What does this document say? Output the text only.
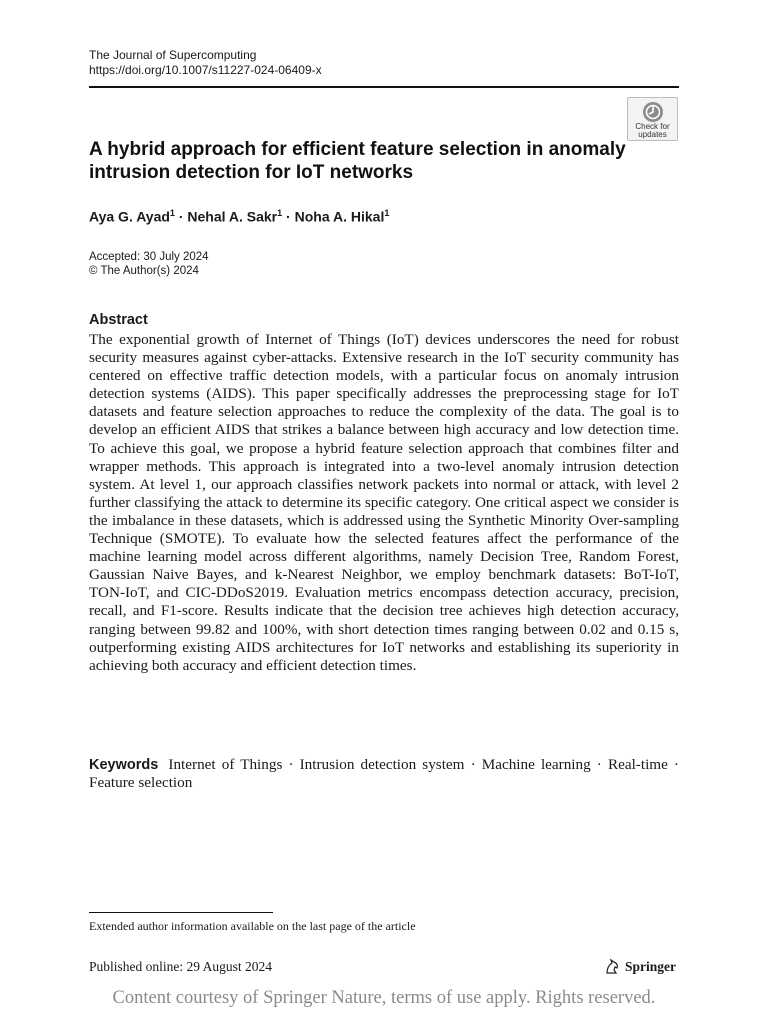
The Journal of Supercomputing
https://doi.org/10.1007/s11227-024-06409-x
Check for
updates
A hybrid approach for efficient feature selection in anomaly intrusion detection for IoT networks
Aya G. Ayad$^1$ · Nehal A. Sakr$^1$ · Noha A. Hikal$^1$
Accepted: 30 July 2024
© The Author(s) 2024
Abstract
The exponential growth of Internet of Things (IoT) devices underscores the need for robust security measures against cyber-attacks. Extensive research in the IoT security community has centered on effective traffic detection models, with a particular focus on anomaly intrusion detection systems (AIDS). This paper specifically addresses the preprocessing stage for IoT datasets and feature selection approaches to reduce the complexity of the data. The goal is to develop an efficient AIDS that strikes a balance between high accuracy and low detection time. To achieve this goal, we propose a hybrid feature selection approach that combines filter and wrapper methods. This approach is integrated into a two-level anomaly intrusion detection system. At level 1, our approach classifies network packets into normal or attack, with level 2 further classifying the attack to determine its specific category. One critical aspect we consider is the imbalance in these datasets, which is addressed using the Synthetic Minority Over-sampling Technique (SMOTE). To evaluate how the selected features affect the performance of the machine learning model across different algorithms, namely Decision Tree, Random Forest, Gaussian Naive Bayes, and k-Nearest Neighbor, we employ benchmark datasets: BoT-IoT, TON-IoT, and CIC-DDoS2019. Evaluation metrics encompass detection accuracy, precision, recall, and F1-score. Results indicate that the decision tree achieves high detection accuracy, ranging between 99.82 and 100%, with short detection times ranging between 0.02 and 0.15 s, outperforming existing AIDS architectures for IoT networks and establishing its superiority in achieving both accuracy and efficient detection times.
Keywords Internet of Things · Intrusion detection system · Machine learning · Real-time · Feature selection
Extended author information available on the last page of the article
Published online: 29 August 2024	Springer
Content courtesy of Springer Nature, terms of use apply. Rights reserved.
